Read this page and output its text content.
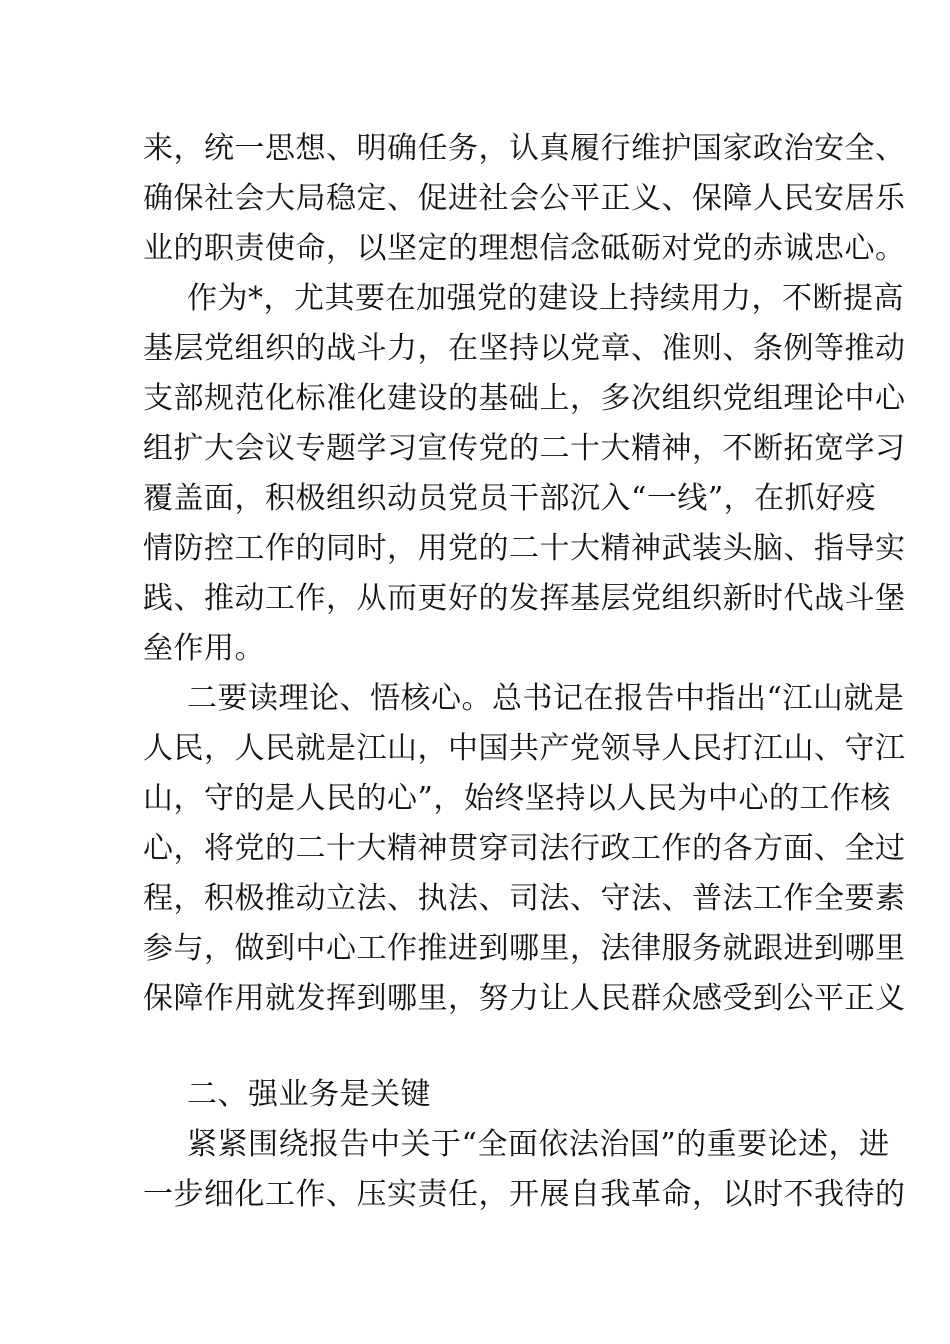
来，统一思想、明确任务，认真履行维护国家政治安全、
确保社会大局稳定、促进社会公平正义、保障人民安居乐
业的职责使命，以坚定的理想信念砥砺对党的赤诚忠心。
作为*，尤其要在加强党的建设上持续用力，不断提高
基层党组织的战斗力，在坚持以党章、准则、条例等推动
支部规范化标准化建设的基础上，多次组织党组理论中心
组扩大会议专题学习宣传党的二十大精神，不断拓宽学习
覆盖面，积极组织动员党员干部沉入“一线”，在抓好疫
情防控工作的同时，用党的二十大精神武装头脑、指导实
践、推动工作，从而更好的发挥基层党组织新时代战斗堡
垒作用。
二要读理论、悟核心。总书记在报告中指出“江山就是
人民，人民就是江山，中国共产党领导人民打江山、守江
山，守的是人民的心”，始终坚持以人民为中心的工作核
心，将党的二十大精神贯穿司法行政工作的各方面、全过
程，积极推动立法、执法、司法、守法、普法工作全要素
参与，做到中心工作推进到哪里，法律服务就跟进到哪里
保障作用就发挥到哪里，努力让人民群众感受到公平正义
二、强业务是关键
紧紧围绕报告中关于“全面依法治国”的重要论述，进
一步细化工作、压实责任，开展自我革命，以时不我待的
